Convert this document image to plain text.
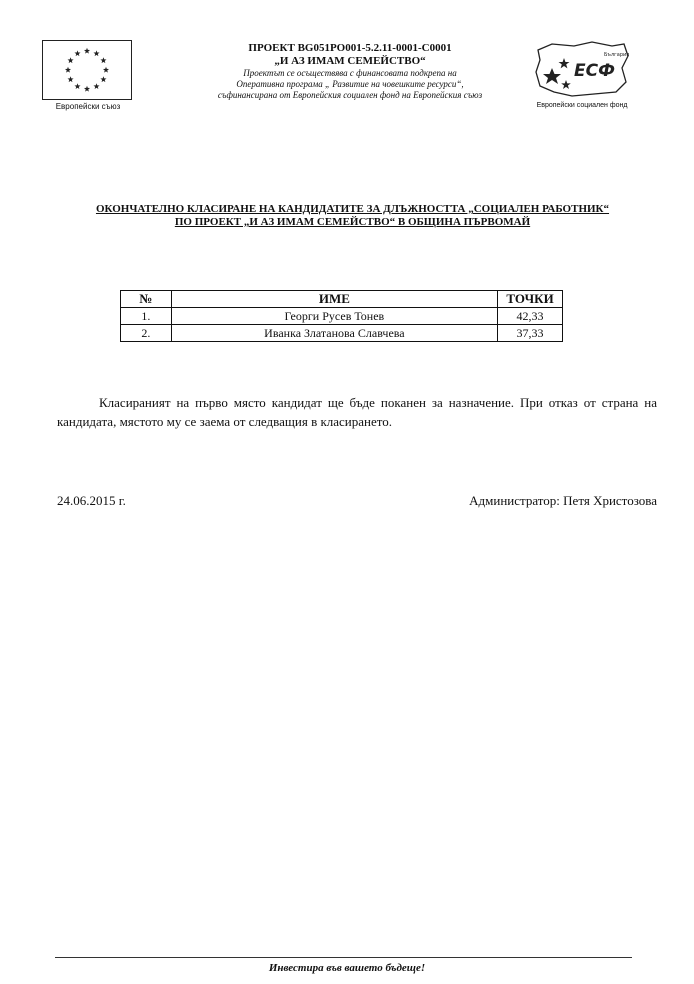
Европейски съюз
ПРОЕКТ BG051PO001-5.2.11-0001-C0001
„И АЗ ИМАМ СЕМЕЙСТВО“
Проектът се осъществява с финансовата подкрепа на
Оперативна програма „ Развитие на човешките ресурси“,
съфинансирана от Европейския социален фонд на Европейския съюз
ЕСФ
България
Европейски социален фонд
ОКОНЧАТЕЛНО КЛАСИРАНЕ НА КАНДИДАТИТЕ ЗА ДЛЪЖНОСТТА „СОЦИАЛЕН РАБОТНИК“
ПО ПРОЕКТ „И АЗ ИМАМ СЕМЕЙСТВО“ В ОБЩИНА ПЪРВОМАЙ
№	ИМЕ	ТОЧКИ
1.	Георги Русев Тонев	42,33
2.	Иванка Златанова Славчева	37,33
Класираният на първо място кандидат ще бъде поканен за назначение. При отказ от страна на кандидата, мястото му се заема от следващия в класирането.
24.06.2015 г.	Администратор: Петя Христозова
Инвестира във вашето бъдеще!
